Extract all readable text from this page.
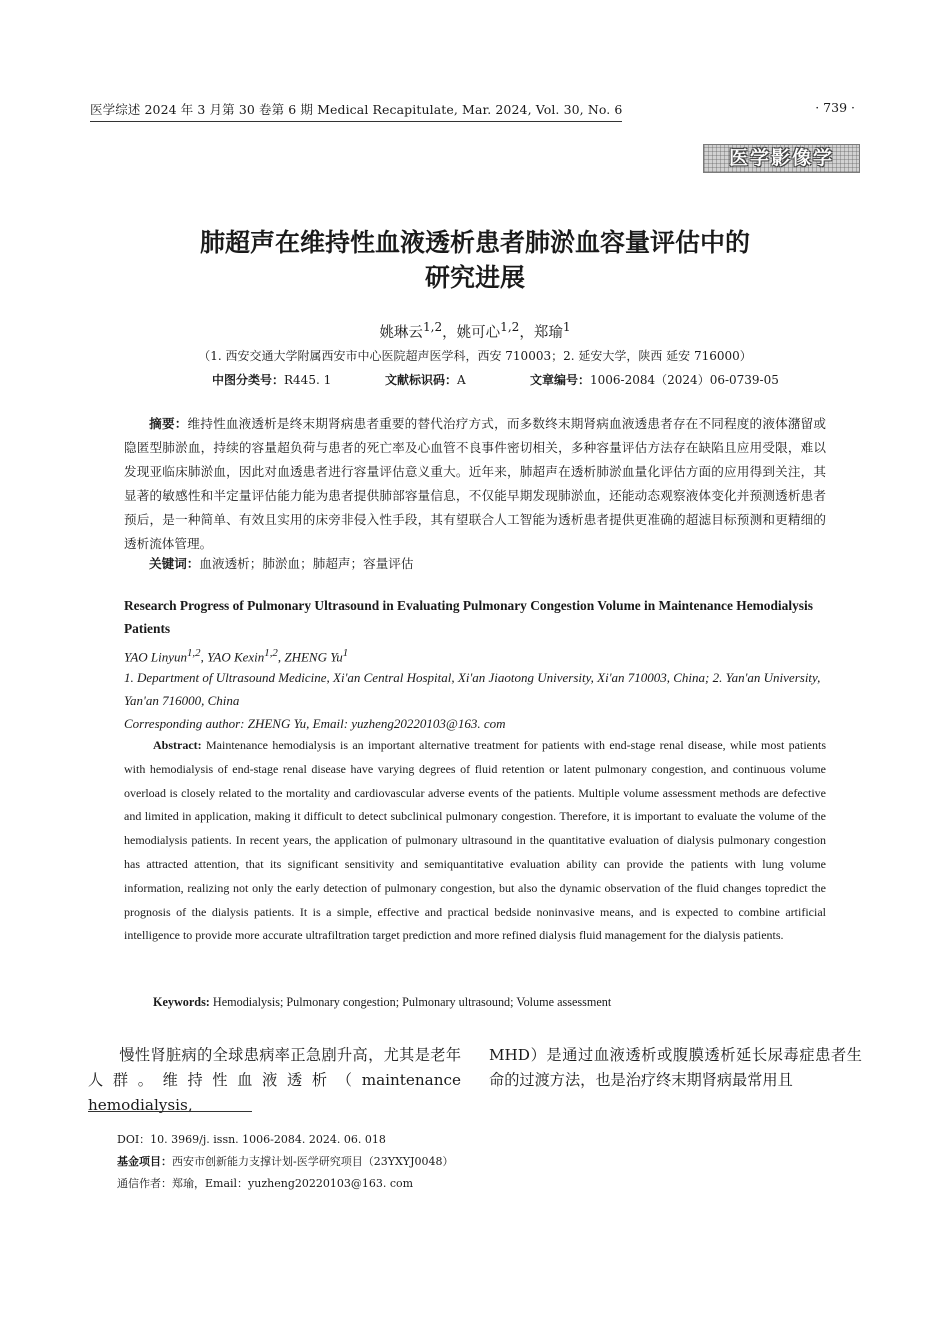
医学综述 2024 年 3 月第 30 卷第 6 期 Medical Recapitulate, Mar. 2024, Vol. 30, No. 6	· 739 ·
医学影像学
肺超声在维持性血液透析患者肺淤血容量评估中的
研究进展
姚琳云$^{1,2}$，姚可心$^{1,2}$，郑瑜$^1$
（1. 西安交通大学附属西安市中心医院超声医学科，西安 710003；2. 延安大学，陕西 延安 716000）
中图分类号：R445. 1	文献标识码：A	文章编号：1006-2084（2024）06-0739-05
摘要：维持性血液透析是终末期肾病患者重要的替代治疗方式，而多数终末期肾病血液透患者存在不同程度的液体潴留或隐匿型肺淤血，持续的容量超负荷与患者的死亡率及心血管不良事件密切相关，多种容量评估方法存在缺陷且应用受限，难以发现亚临床肺淤血，因此对血透患者进行容量评估意义重大。近年来，肺超声在透析肺淤血量化评估方面的应用得到关注，其显著的敏感性和半定量评估能力能为患者提供肺部容量信息，不仅能早期发现肺淤血，还能动态观察液体变化并预测透析患者预后，是一种简单、有效且实用的床旁非侵入性手段，其有望联合人工智能为透析患者提供更准确的超滤目标预测和更精细的透析流体管理。
关键词：血液透析；肺淤血；肺超声；容量评估
Research Progress of Pulmonary Ultrasound in Evaluating Pulmonary Congestion Volume in Maintenance Hemodialysis Patients
YAO Linyun$^{1,2}$, YAO Kexin$^{1,2}$, ZHENG Yu$^1$
1. Department of Ultrasound Medicine, Xi'an Central Hospital, Xi'an Jiaotong University, Xi'an 710003, China; 2. Yan'an University, Yan'an 716000, China
Corresponding author: ZHENG Yu, Email: yuzheng20220103@163. com
Abstract: Maintenance hemodialysis is an important alternative treatment for patients with end-stage renal disease, while most patients with hemodialysis of end-stage renal disease have varying degrees of fluid retention or latent pulmonary congestion, and continuous volume overload is closely related to the mortality and cardiovascular adverse events of the patients. Multiple volume assessment methods are defective and limited in application, making it difficult to detect subclinical pulmonary congestion. Therefore, it is important to evaluate the volume of the hemodialysis patients. In recent years, the application of pulmonary ultrasound in the quantitative evaluation of dialysis pulmonary congestion has attracted attention, that its significant sensitivity and semiquantitative evaluation ability can provide the patients with lung volume information, realizing not only the early detection of pulmonary congestion, but also the dynamic observation of the fluid changes topredict the prognosis of the dialysis patients. It is a simple, effective and practical bedside noninvasive means, and is expected to combine artificial intelligence to provide more accurate ultrafiltration target prediction and more refined dialysis fluid management for the dialysis patients.
Keywords: Hemodialysis; Pulmonary congestion; Pulmonary ultrasound; Volume assessment
慢性肾脏病的全球患病率正急剧升高，尤其是老年人群。维持性血液透析（maintenance hemodialysis,
MHD）是通过血液透析或腹膜透析延长尿毒症患者生命的过渡方法，也是治疗终末期肾病最常用且
DOI：10. 3969/j. issn. 1006-2084. 2024. 06. 018
基金项目：西安市创新能力支撑计划-医学研究项目（23YXYJ0048）
通信作者：郑瑜，Email：yuzheng20220103@163. com
